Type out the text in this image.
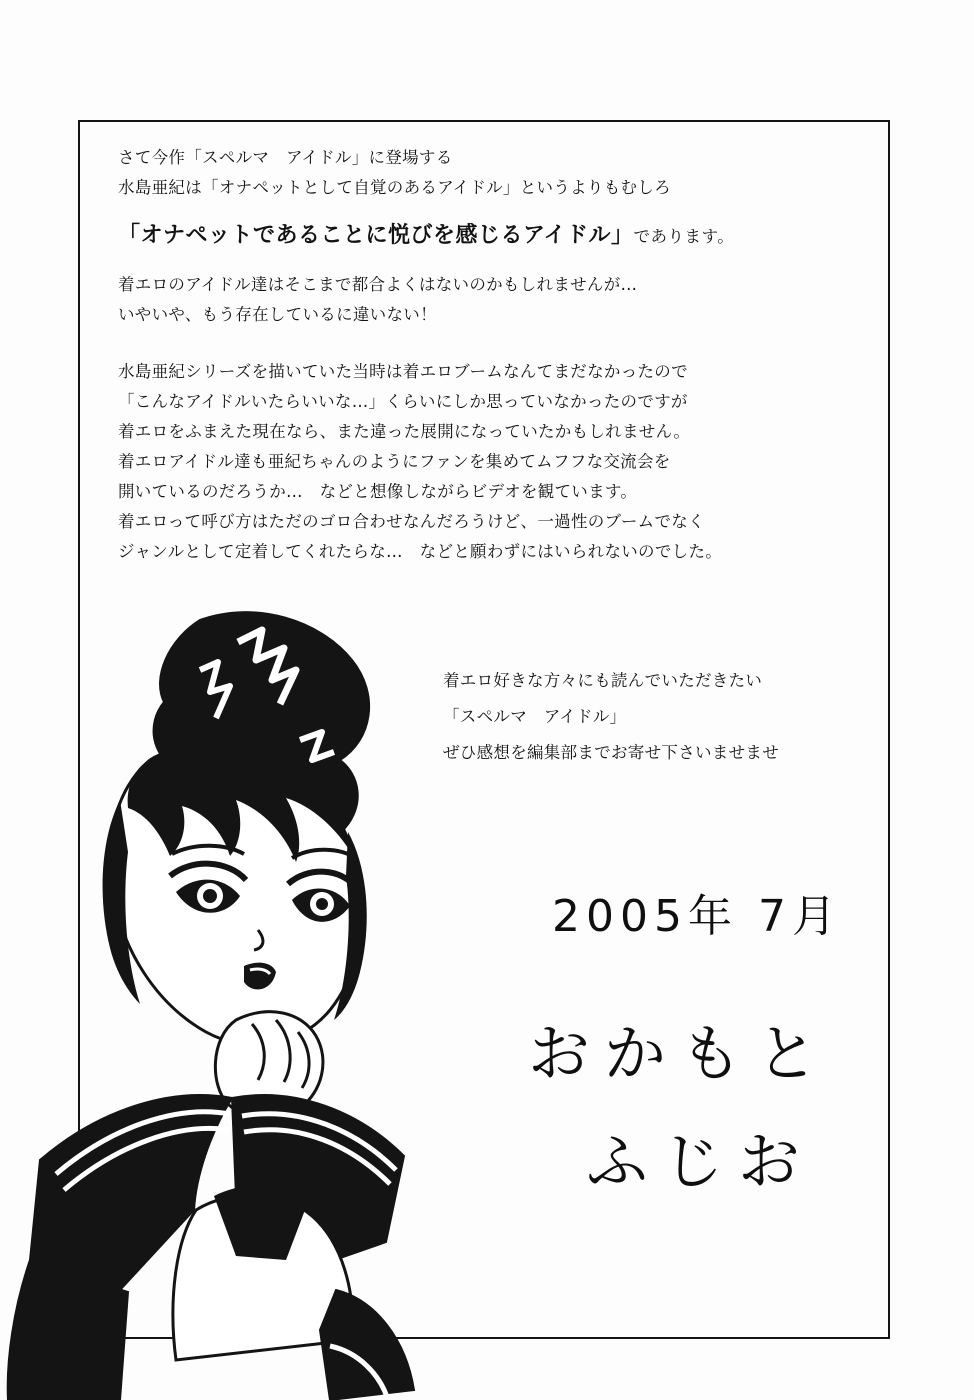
さて今作「スペルマ　アイドル」に登場する
水島亜紀は「オナペットとして自覚のあるアイドル」というよりもむしろ
「オナペットであることに悦びを感じるアイドル」であります。
着エロのアイドル達はそこまで都合よくはないのかもしれませんが…
いやいや、もう存在しているに違いない！
水島亜紀シリーズを描いていた当時は着エロブームなんてまだなかったので
「こんなアイドルいたらいいな…」くらいにしか思っていなかったのですが
着エロをふまえた現在なら、また違った展開になっていたかもしれません。
着エロアイドル達も亜紀ちゃんのようにファンを集めてムフフな交流会を
開いているのだろうか…　などと想像しながらビデオを観ています。
着エロって呼び方はただのゴロ合わせなんだろうけど、一過性のブームでなく
ジャンルとして定着してくれたらな…　などと願わずにはいられないのでした。
着エロ好きな方々にも読んでいただきたい
「スペルマ　アイドル」
ぜひ感想を編集部までお寄せ下さいませませ
2005年 7月
おかもと
ふじお
